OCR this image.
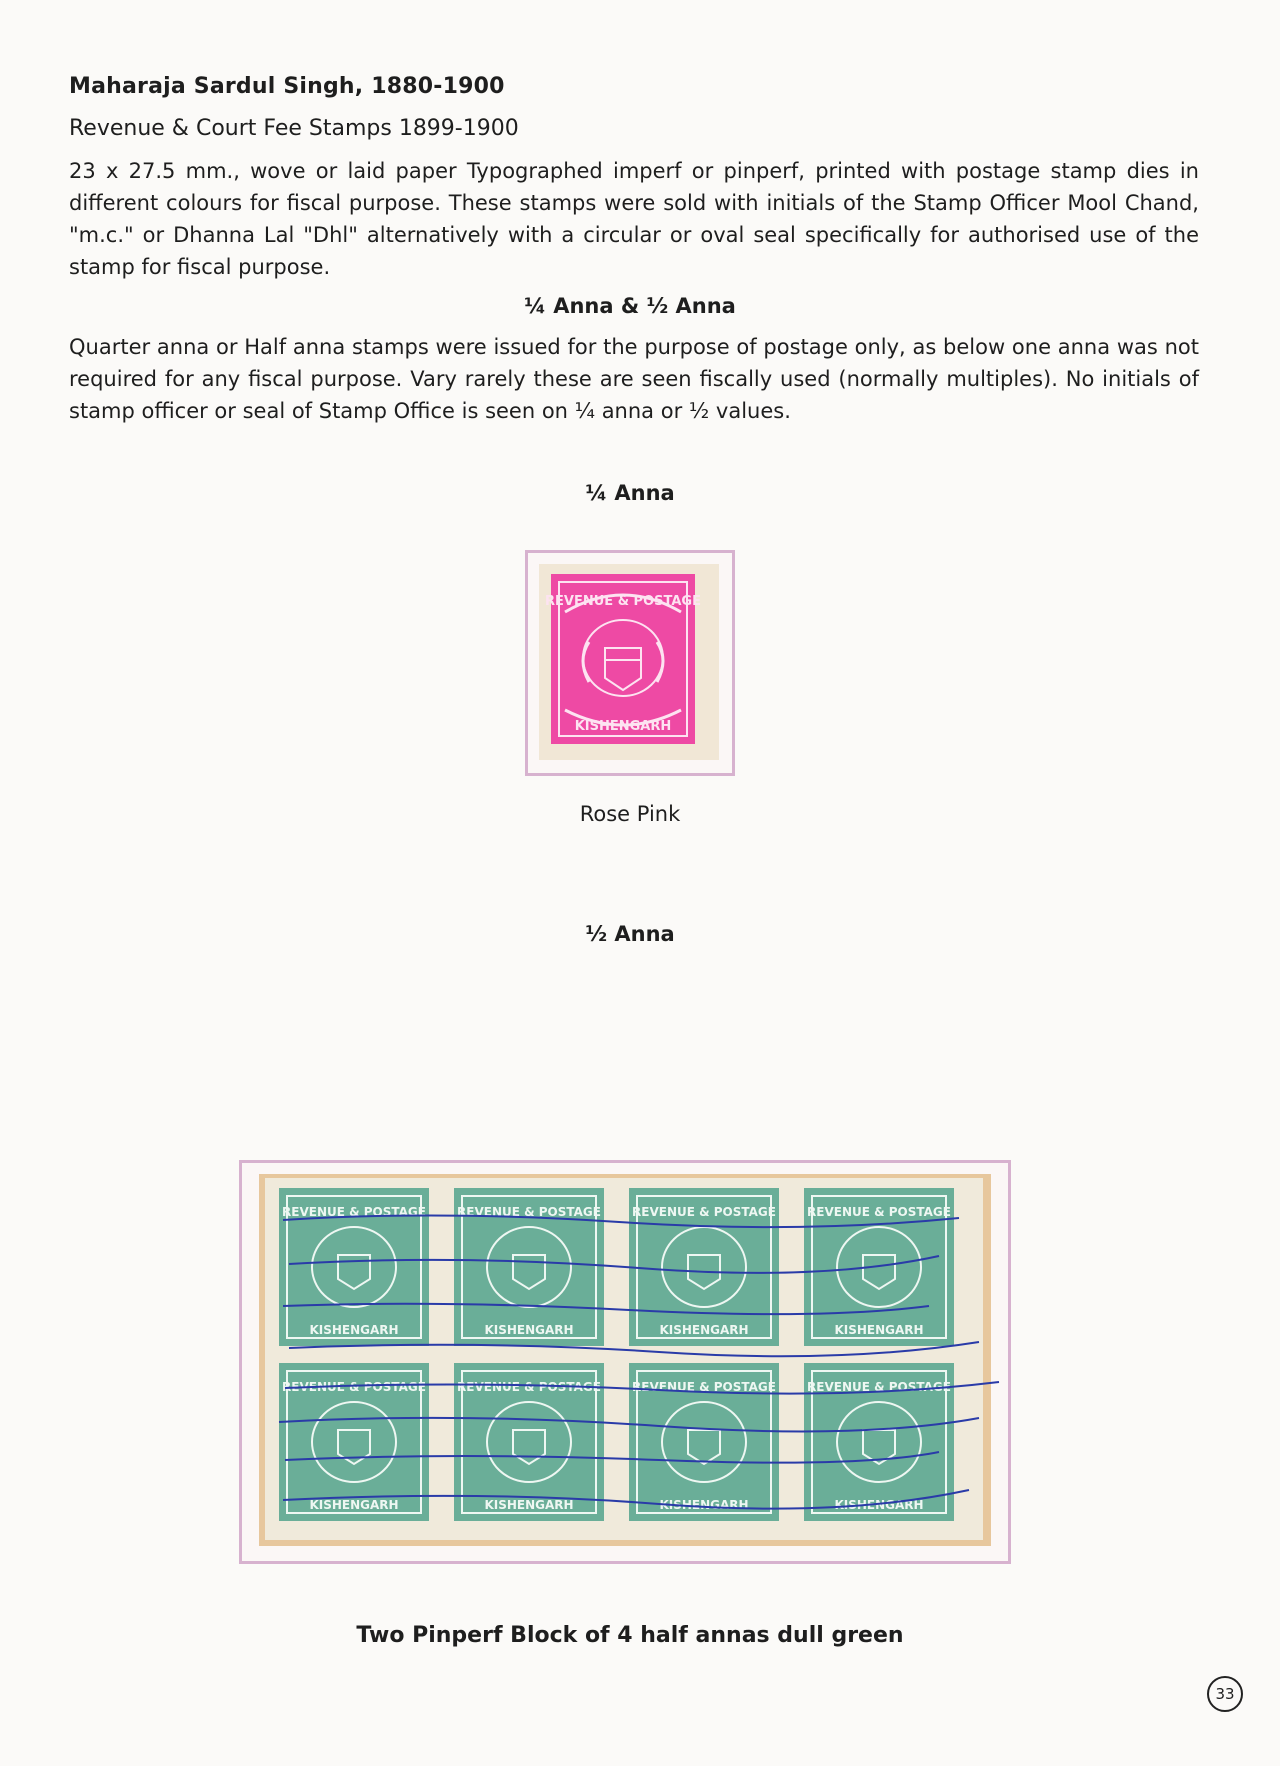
Maharaja Sardul Singh, 1880-1900
Revenue & Court Fee Stamps 1899-1900

23 x 27.5 mm., wove or laid paper Typographed imperf or pinperf, printed with postage stamp dies in different colours for fiscal purpose. These stamps were sold with initials of the Stamp Officer Mool Chand, "m.c." or Dhanna Lal "Dhl" alternatively with a circular or oval seal specifically for authorised use of the stamp for fiscal purpose.

¼ Anna & ½ Anna

Quarter anna or Half anna stamps were issued for the purpose of postage only, as below one anna was not required for any fiscal purpose. Vary rarely these are seen fiscally used (normally multiples). No initials of stamp officer or seal of Stamp Office is seen on ¼ anna or ½ values.

¼ Anna
REVENUE & POSTAGE
KISHENGARH
Rose Pink
½ Anna
REVENUE & POSTAGE
KISHENGARH
REVENUE & POSTAGE
KISHENGARH
REVENUE & POSTAGE
KISHENGARH
REVENUE & POSTAGE
KISHENGARH
REVENUE & POSTAGE
KISHENGARH
REVENUE & POSTAGE
KISHENGARH
REVENUE & POSTAGE
KISHENGARH
REVENUE & POSTAGE
KISHENGARH
Two Pinperf Block of 4 half annas dull green
33
